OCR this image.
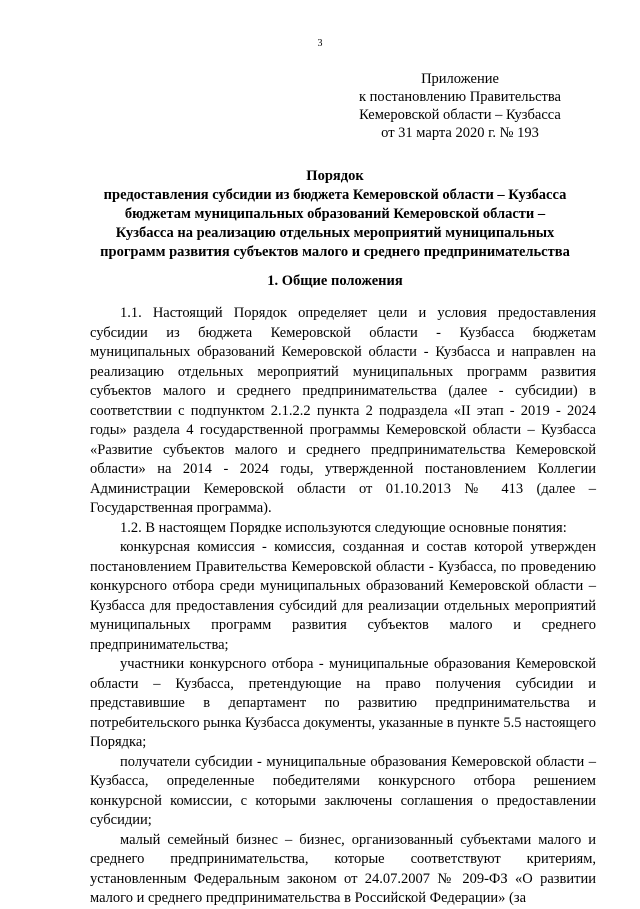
3
Приложение
к постановлению Правительства
Кемеровской области – Кузбасса
от 31 марта 2020 г. № 193
Порядок
предоставления субсидии из бюджета Кемеровской области – Кузбасса
бюджетам муниципальных образований Кемеровской области –
Кузбасса на реализацию отдельных мероприятий муниципальных
программ развития субъектов малого и среднего предпринимательства
1. Общие положения

1.1. Настоящий Порядок определяет цели и условия предоставления субсидии из бюджета Кемеровской области - Кузбасса бюджетам муниципальных образований Кемеровской области - Кузбасса и направлен на реализацию отдельных мероприятий муниципальных программ развития субъектов малого и среднего предпринимательства (далее - субсидии) в соответствии с подпунктом 2.1.2.2 пункта 2 подраздела «II этап - 2019 - 2024 годы» раздела 4 государственной программы Кемеровской области – Кузбасса «Развитие субъектов малого и среднего предпринимательства Кемеровской области» на 2014 - 2024 годы, утвержденной постановлением Коллегии Администрации Кемеровской области от 01.10.2013 № 413 (далее – Государственная программа).

1.2. В настоящем Порядке используются следующие основные понятия:

конкурсная комиссия - комиссия, созданная и состав которой утвержден постановлением Правительства Кемеровской области - Кузбасса, по проведению конкурсного отбора среди муниципальных образований Кемеровской области – Кузбасса для предоставления субсидий для реализации отдельных мероприятий муниципальных программ развития субъектов малого и среднего предпринимательства;

участники конкурсного отбора - муниципальные образования Кемеровской области – Кузбасса, претендующие на право получения субсидии и представившие в департамент по развитию предпринимательства и потребительского рынка Кузбасса документы, указанные в пункте 5.5 настоящего Порядка;

получатели субсидии - муниципальные образования Кемеровской области – Кузбасса, определенные победителями конкурсного отбора решением конкурсной комиссии, с которыми заключены соглашения о предоставлении субсидии;

малый семейный бизнес – бизнес, организованный субъектами малого и среднего предпринимательства, которые соответствуют критериям, установленным Федеральным законом от 24.07.2007 № 209-ФЗ «О развитии малого и среднего предпринимательства в Российской Федерации» (за
